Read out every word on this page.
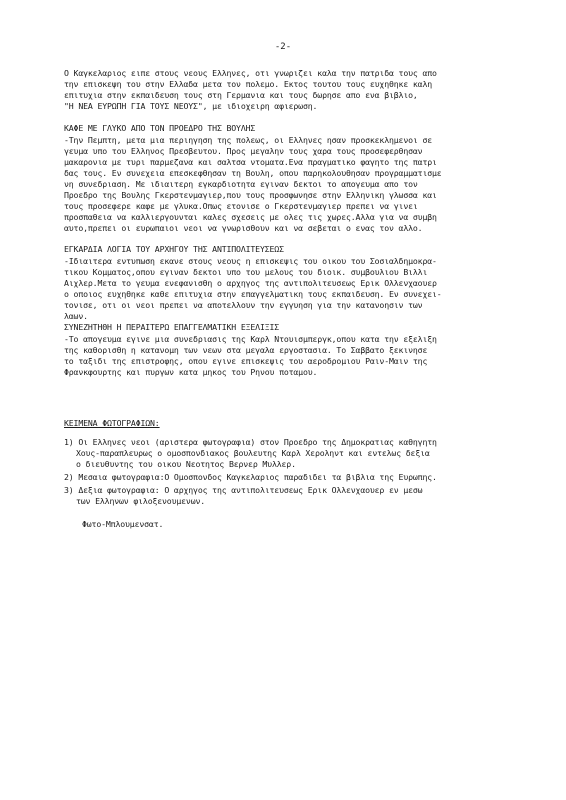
-2-
Ο Καγκελαριος ειπε στους νεους Ελληνες, οτι γνωριζει καλα την πατριδα τους απο
την επισκεψη του στην Ελλαδα μετα τον πολεμο. Εκτος τουτου τους ευχηθηκε καλη
επιτυχια στην εκπαιδευση τους στη Γερμανια και τους δωρησε απο ενα βιβλιο,
"Η ΝΕΑ ΕΥΡΩΠΗ ΓΙΑ ΤΟΥΣ ΝΕΟΥΣ", με ιδιοχειρη αφιερωση.
ΚΑΦΕ ΜΕ ΓΛΥΚΟ ΑΠΟ ΤΟΝ ΠΡΟΕΔΡΟ ΤΗΣ ΒΟΥΛΗΣ
-Την Πεμπτη, μετα μια περιηγηση της πολεως, οι Ελληνες ησαν προσκεκλημενοι σε
γευμα υπο του Ελληνος Πρεσβευτου. Προς μεγαλην τους χαρα τους προσεφερθησαν
μακαρονια με τυρι παρμεζανα και σαλτσα ντοματα.Ενα πραγματικο φαγητο της πατρι
δας τους. Εν συνεχεια επεσκεφθησαν τη Βουλη, οπου παρηκολουθησαν προγραμματισμε
νη συνεδριαση. Με ιδιαιτερη εγκαρδιοτητα εγιναν δεκτοι το απογευμα απο τον
Προεδρο της Βουλης Γκερστενμαγιερ,που τους προσφωνησε στην Ελληνικη γλωσσα και
τους προσεφερε καφε με γλυκα.Οπως ετονισε ο Γκερστενμαγιερ πρεπει να γινει
προσπαθεια να καλλιεργουνται καλες σχεσεις με ολες τις χωρες.Αλλα για να συμβη
αυτο,πρεπει οι ευρωπαιοι νεοι να γνωρισθουν και να σεβεται ο ενας τον αλλο.
ΕΓΚΑΡΔΙΑ ΛΟΓΙΑ ΤΟΥ ΑΡΧΗΓΟΥ ΤΗΣ ΑΝΤΙΠΟΛΙΤΕΥΣΕΩΣ
-Ιδιαιτερα εντυπωση εκανε στους νεους η επισκεψις του οικου του Σοσιαλδημοκρα-
τικου Κομματος,οπου εγιναν δεκτοι υπο του μελους του διοικ. συμβουλιου Βιλλι
Αιχλερ.Μετα το γευμα ενεφανισθη ο αρχηγος της αντιπολιτευσεως Ερικ Ολλενχαουερ
ο οποιος ευχηθηκε καθε επιτυχια στην επαγγελματικη τους εκπαιδευση. Εν συνεχει-
τονισε, οτι οι νεοι πρεπει να αποτελλουν την εγγυηση για την κατανοησιν των
λαων.
ΣΥΝΕΖΗΤΗΘΗ Η ΠΕΡΑΙΤΕΡΩ ΕΠΑΓΓΕΛΜΑΤΙΚΗ ΕΞΕΛΙΞΙΣ
-Το απογευμα εγινε μια συνεδριασις της Καρλ Ντουισμπεργκ,οπου κατα την εξελιξη
της καθορισθη η κατανομη των νεων στα μεγαλα εργοστασια. Το Σαββατο ξεκινησε
το ταξιδι της επιστροφης, οπου εγινε επισκεψις του αεροδρομιου Ραιν-Μαιν της
Φρανκφουρτης και πυργων κατα μηκος του Ρηνου ποταμου.
ΚΕΙΜΕΝΑ ΦΩΤΟΓΡΑΦΙΩΝ:
1) Οι Ελληνες νεοι (αριστερα φωτογραφια) στον Προεδρο της Δημοκρατιας καθηγητη
Χους-παραπλευρως ο ομοσπονδιακος βουλευτης Καρλ Χεροληντ και εντελως δεξια
ο διευθυντης του οικου Νεοτητος Βερνερ Μυλλερ.
2) Μεσαια φωτογραφια:Ο Ομοσπονδος Καγκελαριος παραδιδει τα βιβλια της Ευρωπης.
3) Δεξια φωτογραφια: Ο αρχηγος της αντιπολιτευσεως Ερικ Ολλενχαουερ εν μεσω
των Ελληνων φιλοξενουμενων.
Φωτο-Μπλουμενσατ.
